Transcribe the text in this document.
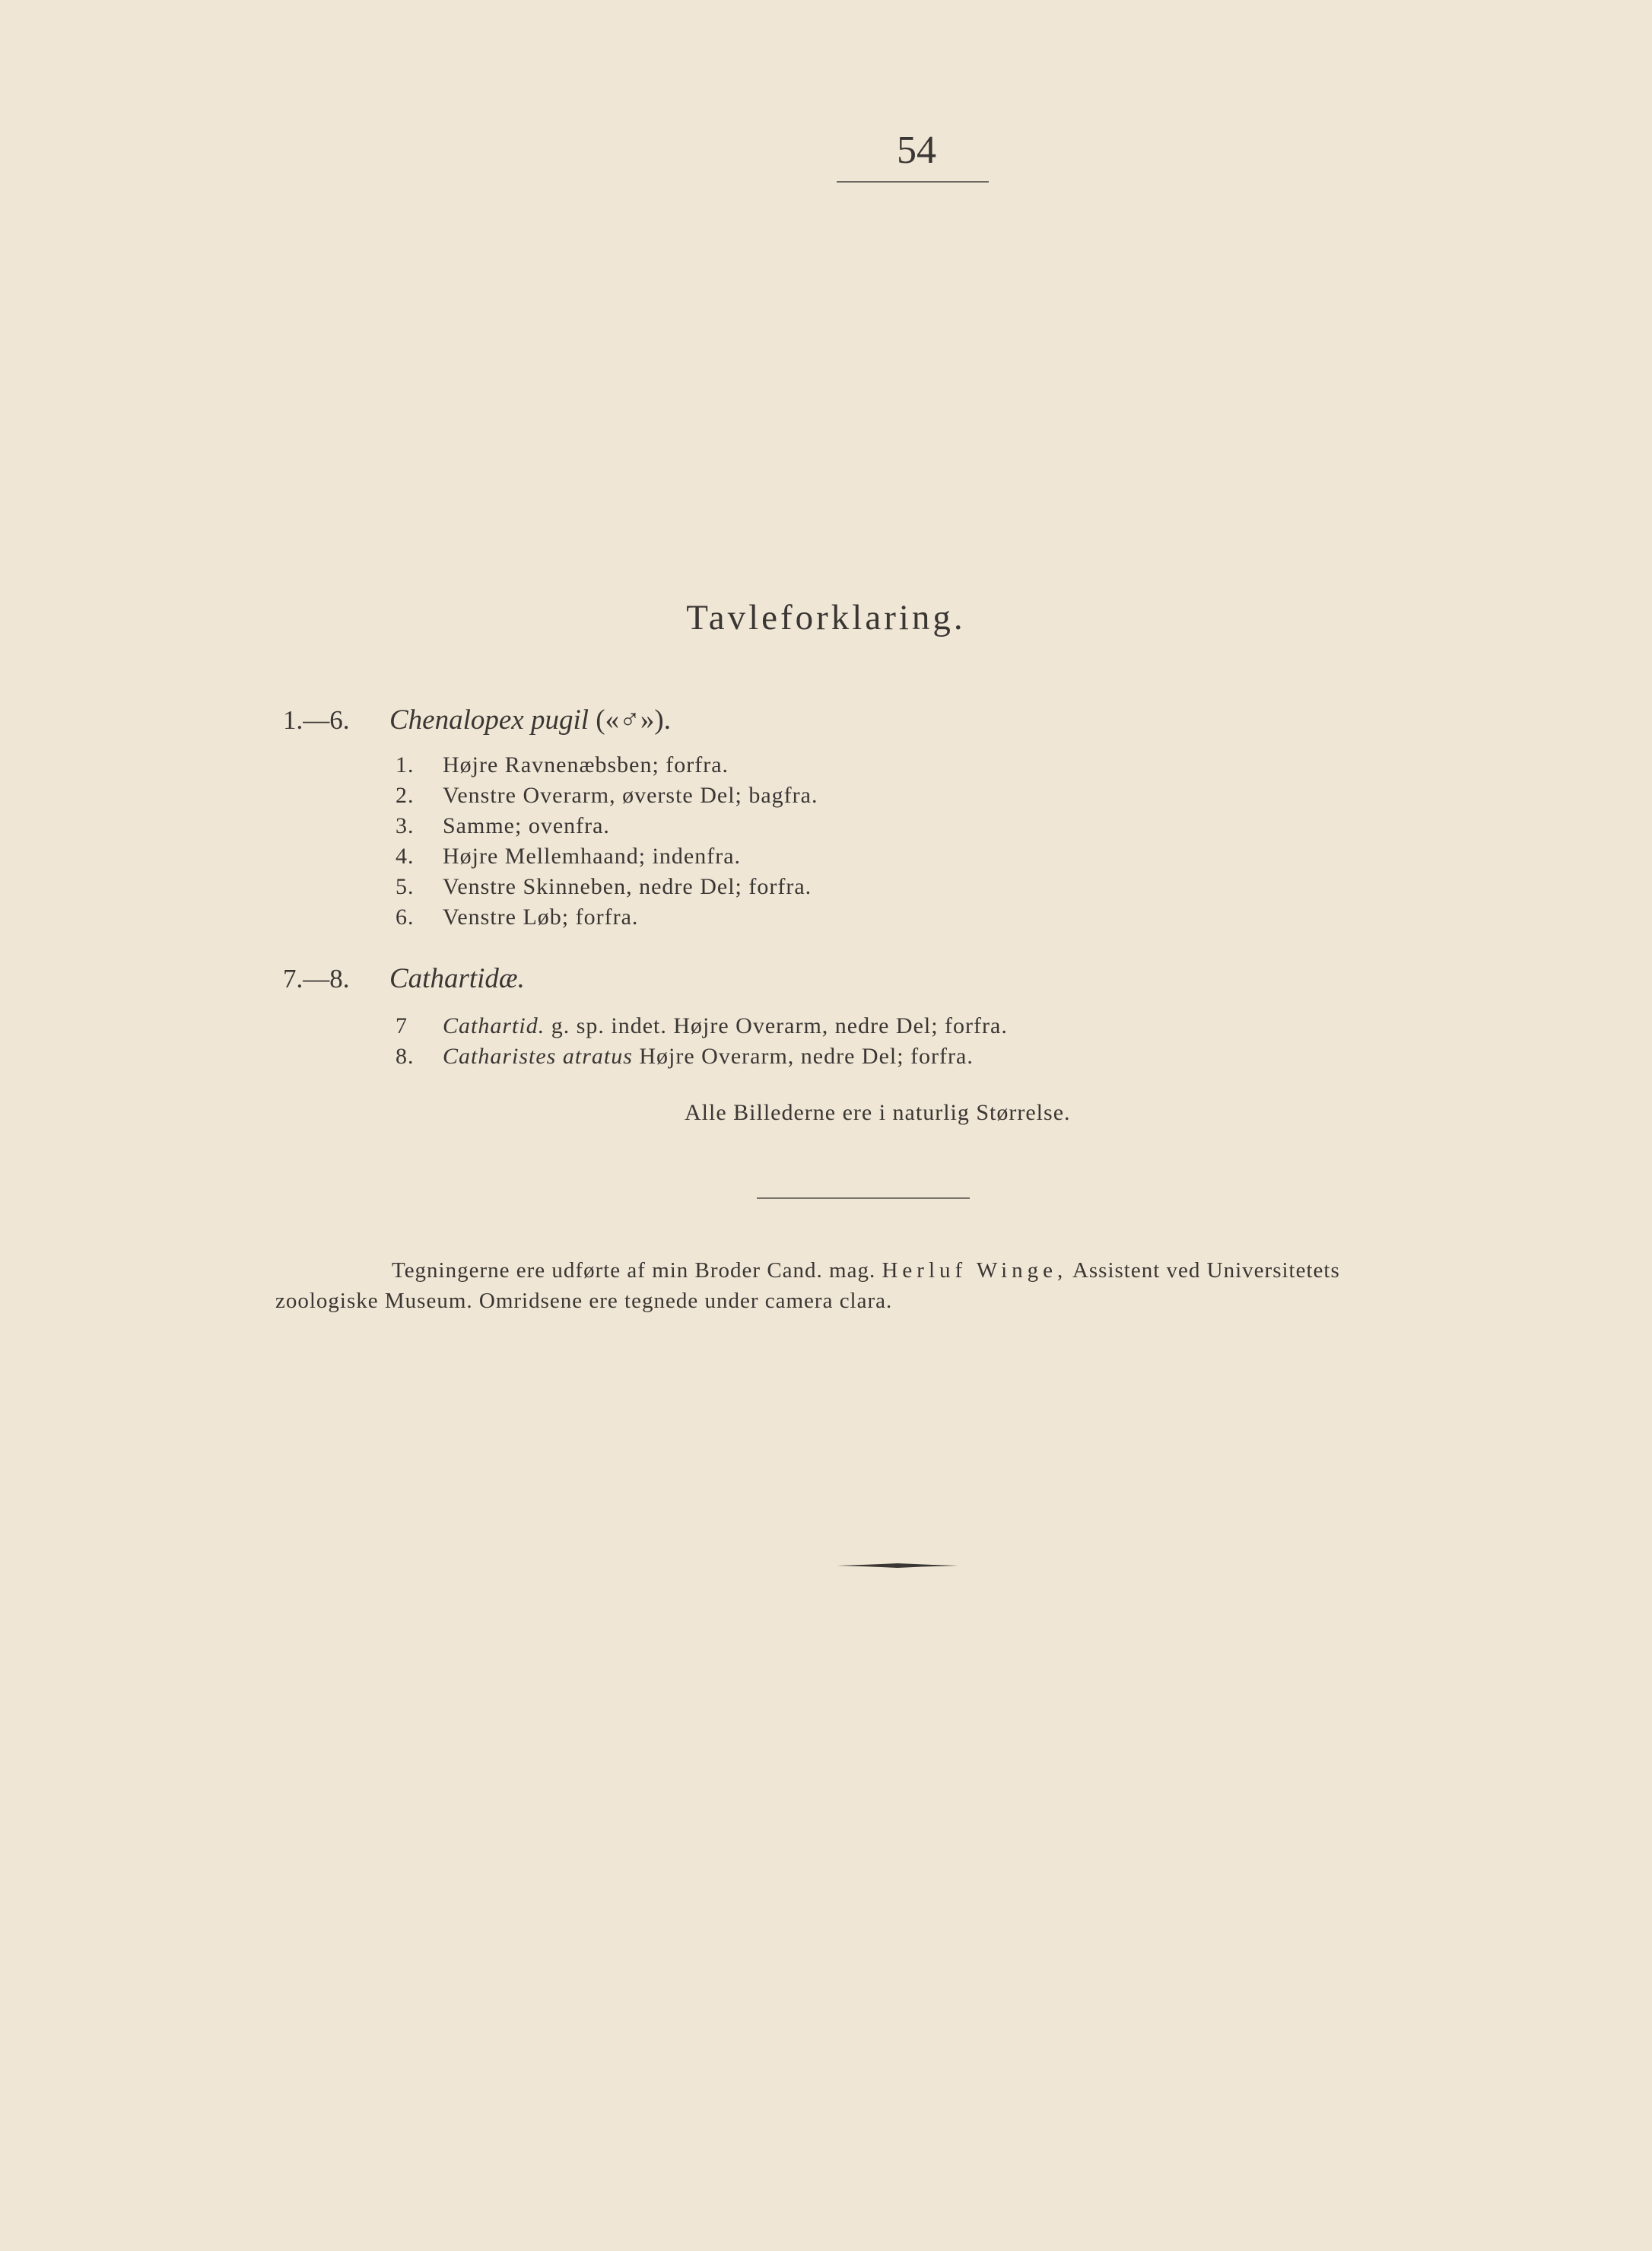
54
Tavleforklaring.
1.—6. Chenalopex pugil («♂»).
1. Højre Ravnenæbsben; forfra.
2. Venstre Overarm, øverste Del; bagfra.
3. Samme; ovenfra.
4. Højre Mellemhaand; indenfra.
5. Venstre Skinneben, nedre Del; forfra.
6. Venstre Løb; forfra.
7.—8. Cathartidæ.
7 Cathartid. g. sp. indet. Højre Overarm, nedre Del; forfra.
8. Catharistes atratus Højre Overarm, nedre Del; forfra.
Alle Billederne ere i naturlig Størrelse.
Tegningerne ere udførte af min Broder Cand. mag. Herluf Winge, Assistent ved Universitetets
zoologiske Museum. Omridsene ere tegnede under camera clara.
